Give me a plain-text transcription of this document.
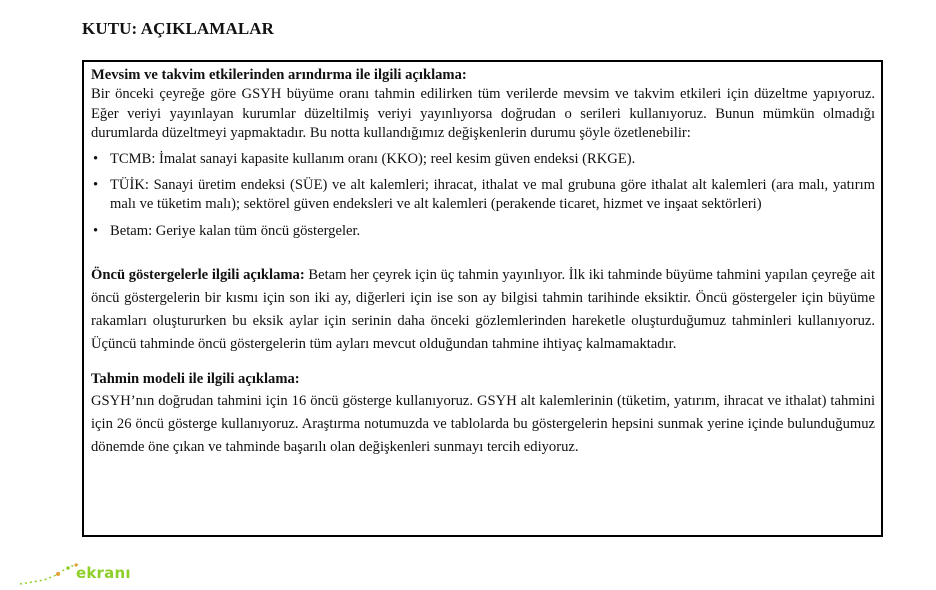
KUTU: AÇIKLAMALAR
Mevsim ve takvim etkilerinden arındırma ile ilgili açıklama:

Bir önceki çeyreğe göre GSYH büyüme oranı tahmin edilirken tüm verilerde mevsim ve takvim etkileri için düzeltme yapıyoruz. Eğer veriyi yayınlayan kurumlar düzeltilmiş veriyi yayınlıyorsa doğrudan o serileri kullanıyoruz. Bunun mümkün olmadığı durumlarda düzeltmeyi yapmaktadır. Bu notta kullandığımız değişkenlerin durumu şöyle özetlenebilir:

• TCMB: İmalat sanayi kapasite kullanım oranı (KKO); reel kesim güven endeksi (RKGE).
• TÜİK: Sanayi üretim endeksi (SÜE) ve alt kalemleri; ihracat, ithalat ve mal grubuna göre ithalat alt kalemleri (ara malı, yatırım malı ve tüketim malı); sektörel güven endeksleri ve alt kalemleri (perakende ticaret, hizmet ve inşaat sektörleri)
• Betam: Geriye kalan tüm öncü göstergeler.

Öncü göstergelerle ilgili açıklama: Betam her çeyrek için üç tahmin yayınlıyor. İlk iki tahminde büyüme tahmini yapılan çeyreğe ait öncü göstergelerin bir kısmı için son iki ay, diğerleri için ise son ay bilgisi tahmin tarihinde eksiktir. Öncü göstergeler için büyüme rakamları oluştururken bu eksik aylar için serinin daha önceki gözlemlerinden hareketle oluşturduğumuz tahminleri kullanıyoruz. Üçüncü tahminde öncü göstergelerin tüm ayları mevcut olduğundan tahmine ihtiyaç kalmamaktadır.

Tahmin modeli ile ilgili açıklama:

GSYH’nın doğrudan tahmini için 16 öncü gösterge kullanıyoruz. GSYH alt kalemlerinin (tüketim, yatırım, ihracat ve ithalat) tahmini için 26 öncü gösterge kullanıyoruz. Araştırma notumuzda ve tablolarda bu göstergelerin hepsini sunmak yerine içinde bulunduğumuz dönemde öne çıkan ve tahminde başarılı olan değişkenleri sunmayı tercih ediyoruz.

ekranı
